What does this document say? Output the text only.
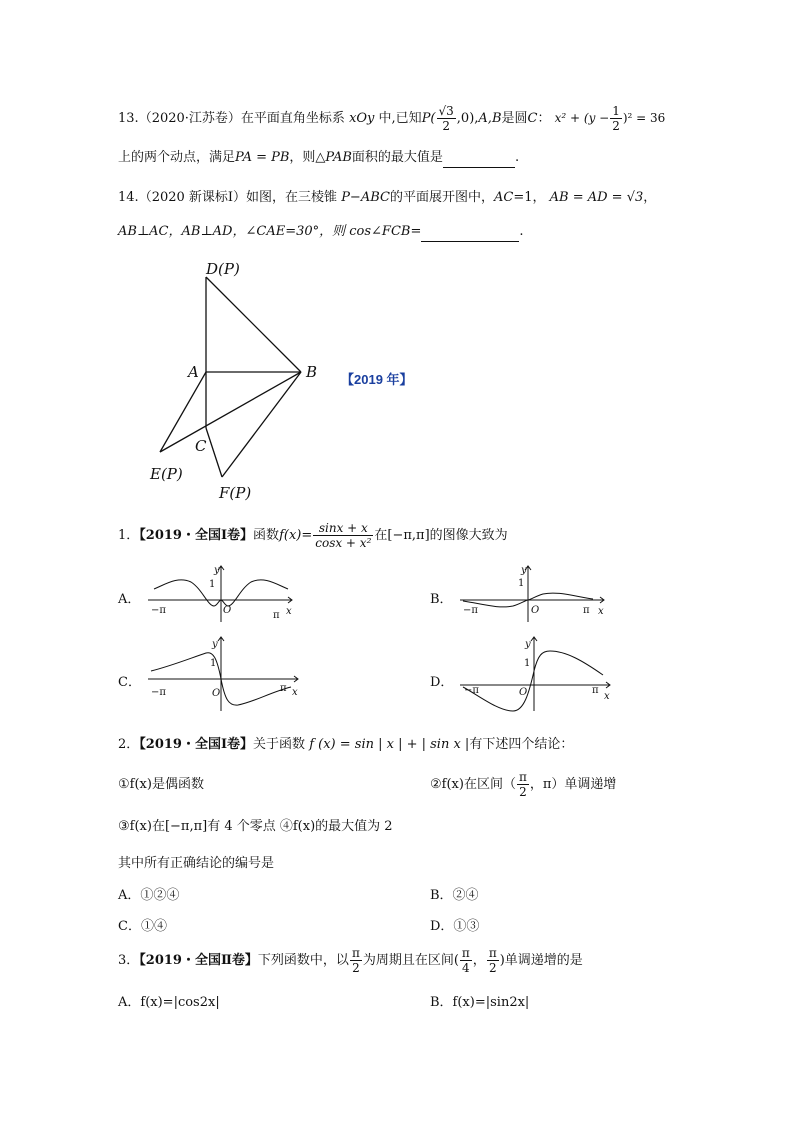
13.（2020·江苏卷）在平面直角坐标系 xOy 中,已知$P( \frac{√3}{2} ,0),A,B$是圆C： $x^2 + (y - \frac{1}{2} )^2 = 36$
上的两个动点，满足PA = PB，则△PAB面积的最大值是	.
14.（2020 新课标Ⅰ）如图，在三棱锥 P−ABC的平面展开图中，AC=1， AB = AD = √3，
AB⊥AC，AB⊥AD，∠CAE=30°，则 cos∠FCB=	.
D(P)
A	B
C
E(P)
F(P)
【2019 年】
1．【2019・全国Ⅰ卷】函数$f(x)= \frac{\sin x + x}{\text{cosx + x²}}$ 在[−π,π]的图像大致为
A．	B．
C．	D．
y
x
O
1
−π	π
y
x
O
1
−π	π
y
x
O
1
−π	π
y
x
O
1
−π	π
2．【2019・全国Ⅰ卷】关于函数 f (x) = sin | x | + | sin x |有下述四个结论：
①f(x)是偶函数	②f(x)在区间（ $\frac{\pi}{2}$ ，π）单调递增
③f(x)在[−π,π]有 4 个零点 ④f(x)的最大值为 2
其中所有正确结论的编号是
A．①②④	B．②④
C．①④	D．①③
3．【2019・全国Ⅱ卷】下列函数中，以 $\frac{\pi}{2}$ 为周期且在区间( $\frac{\pi}{4}$ ， $\frac{\pi}{2}$ )单调递增的是
A．f(x)=|cos2x|	B．f(x)=|sin2x|
